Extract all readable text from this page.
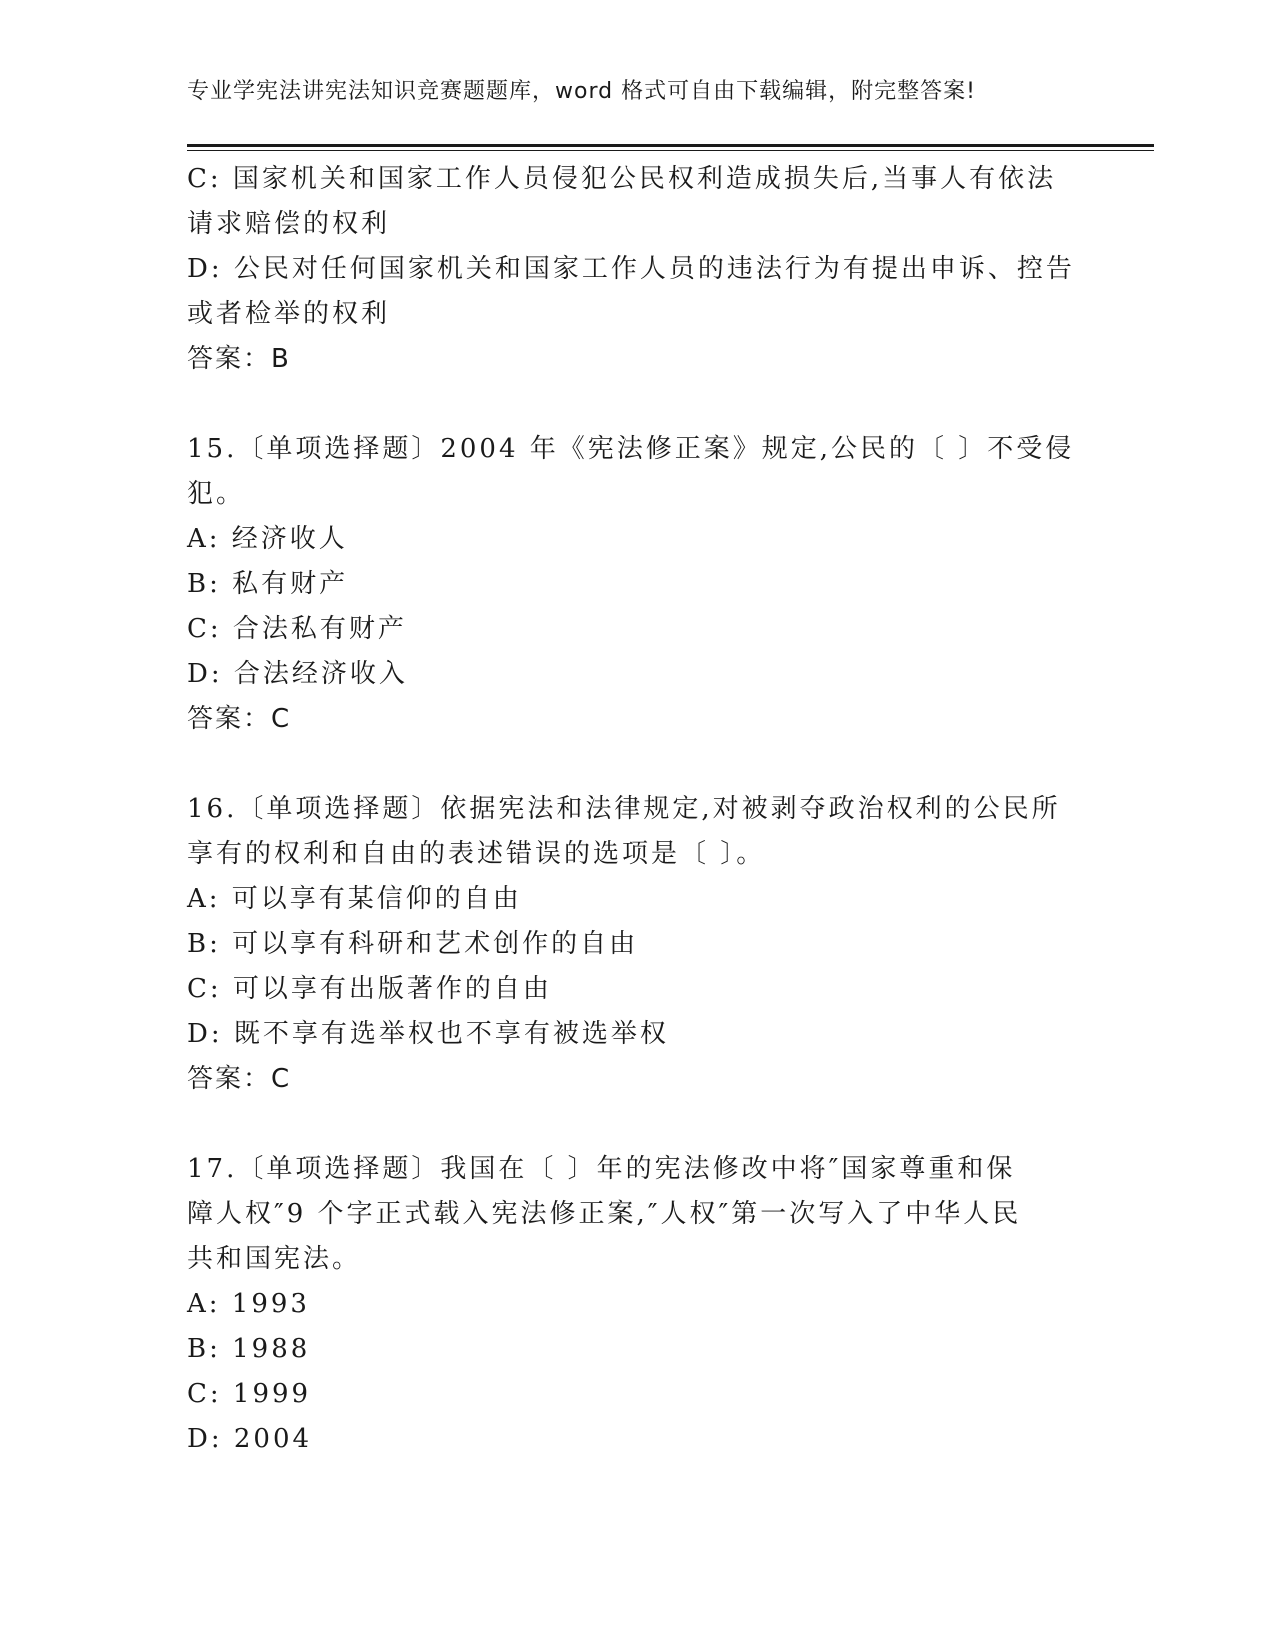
专业学宪法讲宪法知识竞赛题题库，word 格式可自由下载编辑，附完整答案!
C: 国家机关和国家工作人员侵犯公民权利造成损失后,当事人有依法
请求赔偿的权利
D: 公民对任何国家机关和国家工作人员的违法行为有提出申诉、控告
或者检举的权利
答案：B
15.〔单项选择题〕2004 年《宪法修正案》规定,公民的〔 〕不受侵
犯。
A: 经济收人
B: 私有财产
C: 合法私有财产
D: 合法经济收入
答案：C
16.〔单项选择题〕依据宪法和法律规定,对被剥夺政治权利的公民所
享有的权利和自由的表述错误的选项是〔 〕。
A: 可以享有某信仰的自由
B: 可以享有科研和艺术创作的自由
C: 可以享有出版著作的自由
D: 既不享有选举权也不享有被选举权
答案：C
17.〔单项选择题〕我国在〔 〕年的宪法修改中将″国家尊重和保
障人权″9 个字正式载入宪法修正案,″人权″第一次写入了中华人民
共和国宪法。
A: 1993
B: 1988
C: 1999
D: 2004
